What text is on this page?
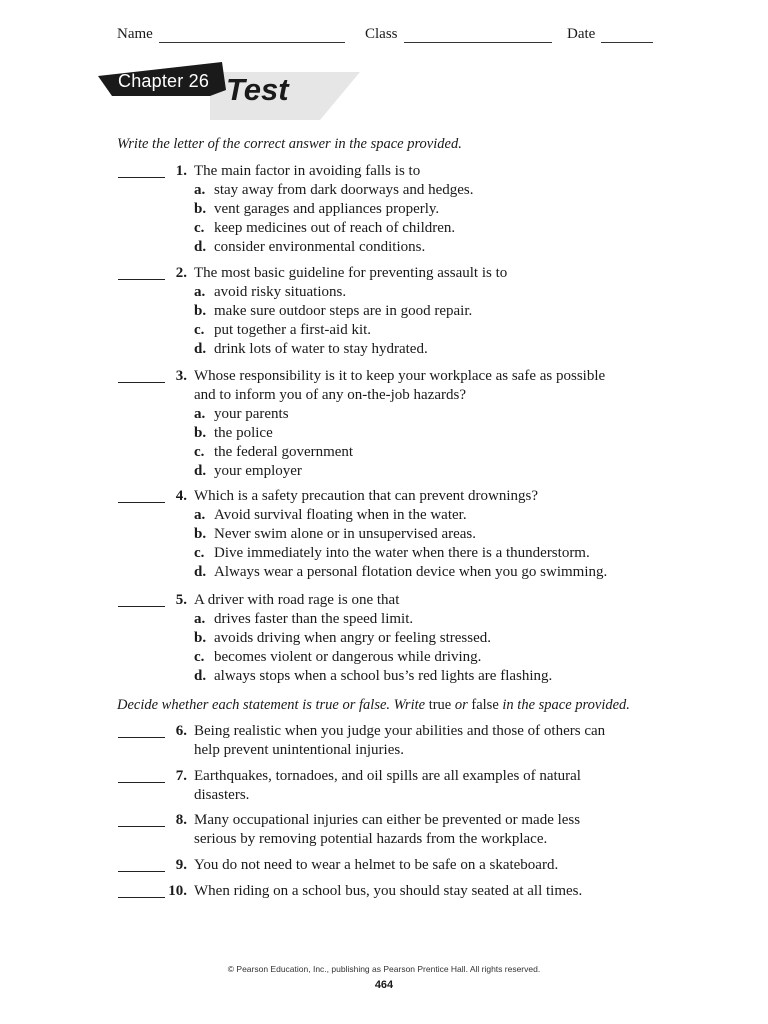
Name	Class	Date
Chapter 26 Test
Write the letter of the correct answer in the space provided.
1. The main factor in avoiding falls is to
a. stay away from dark doorways and hedges.
b. vent garages and appliances properly.
c. keep medicines out of reach of children.
d. consider environmental conditions.
2. The most basic guideline for preventing assault is to
a. avoid risky situations.
b. make sure outdoor steps are in good repair.
c. put together a first-aid kit.
d. drink lots of water to stay hydrated.
3. Whose responsibility is it to keep your workplace as safe as possible
and to inform you of any on-the-job hazards?
a. your parents
b. the police
c. the federal government
d. your employer
4. Which is a safety precaution that can prevent drownings?
a. Avoid survival floating when in the water.
b. Never swim alone or in unsupervised areas.
c. Dive immediately into the water when there is a thunderstorm.
d. Always wear a personal flotation device when you go swimming.
5. A driver with road rage is one that
a. drives faster than the speed limit.
b. avoids driving when angry or feeling stressed.
c. becomes violent or dangerous while driving.
d. always stops when a school bus’s red lights are flashing.
Decide whether each statement is true or false. Write true or false in the space provided.
6. Being realistic when you judge your abilities and those of others can
help prevent unintentional injuries.
7. Earthquakes, tornadoes, and oil spills are all examples of natural
disasters.
8. Many occupational injuries can either be prevented or made less
serious by removing potential hazards from the workplace.
9. You do not need to wear a helmet to be safe on a skateboard.
10. When riding on a school bus, you should stay seated at all times.
© Pearson Education, Inc., publishing as Pearson Prentice Hall. All rights reserved.
464
